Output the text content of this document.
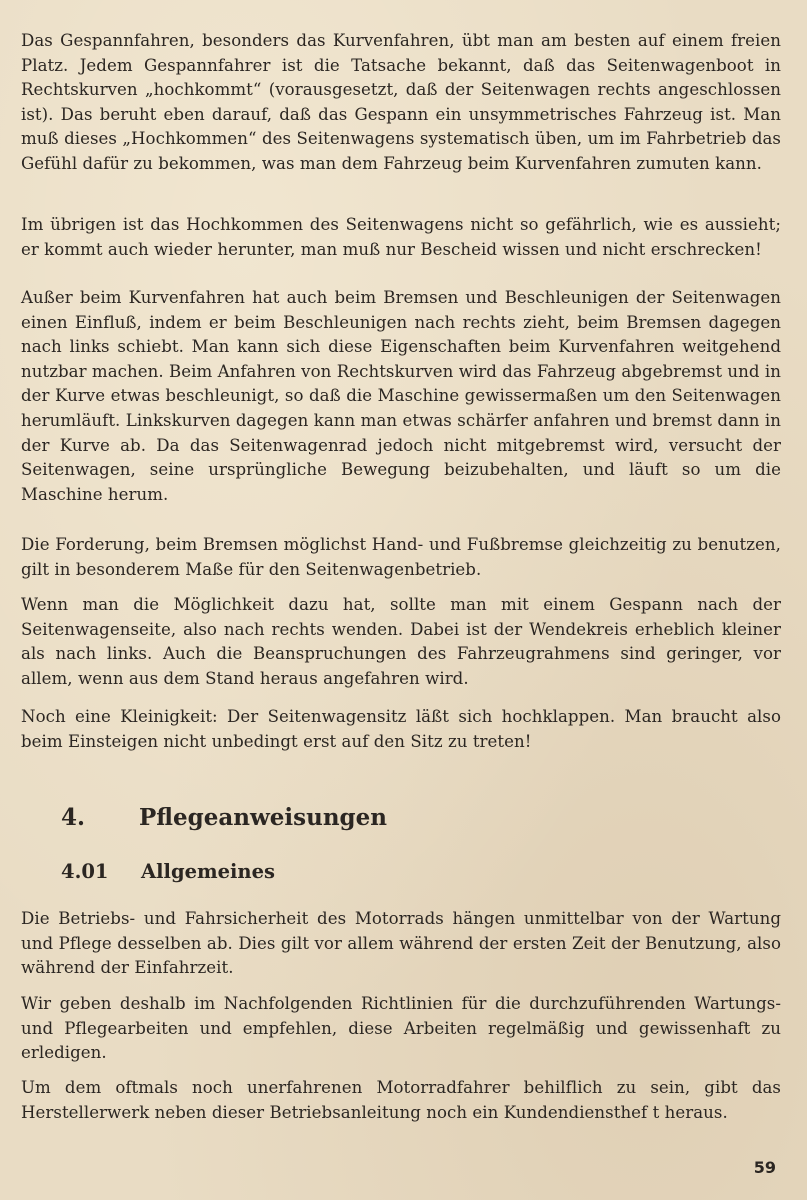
Das Gespannfahren, besonders das Kurvenfahren, übt man am besten auf einem freien Platz. Jedem Gespannfahrer ist die Tatsache bekannt, daß das Seitenwagenboot in Rechtskurven „hochkommt“ (vorausgesetzt, daß der Seitenwagen rechts angeschlossen ist). Das beruht eben darauf, daß das Gespann ein unsymmetrisches Fahrzeug ist. Man muß dieses „Hochkommen“ des Seitenwagens systematisch üben, um im Fahrbetrieb das Gefühl dafür zu bekommen, was man dem Fahrzeug beim Kurvenfahren zumuten kann.

Im übrigen ist das Hochkommen des Seitenwagens nicht so gefährlich, wie es aussieht; er kommt auch wieder herunter, man muß nur Bescheid wissen und nicht erschrecken!

Außer beim Kurvenfahren hat auch beim Bremsen und Beschleunigen der Seitenwagen einen Einfluß, indem er beim Beschleunigen nach rechts zieht, beim Bremsen dagegen nach links schiebt. Man kann sich diese Eigenschaften beim Kurvenfahren weitgehend nutzbar machen. Beim Anfahren von Rechtskurven wird das Fahrzeug abgebremst und in der Kurve etwas beschleunigt, so daß die Maschine gewissermaßen um den Seitenwagen herumläuft. Linkskurven dagegen kann man etwas schärfer anfahren und bremst dann in der Kurve ab. Da das Seitenwagenrad jedoch nicht mitgebremst wird, versucht der Seitenwagen, seine ursprüngliche Bewegung beizubehalten, und läuft so um die Maschine herum.

Die Forderung, beim Bremsen möglichst Hand- und Fußbremse gleichzeitig zu benutzen, gilt in besonderem Maße für den Seitenwagenbetrieb.

Wenn man die Möglichkeit dazu hat, sollte man mit einem Gespann nach der Seitenwagenseite, also nach rechts wenden. Dabei ist der Wendekreis erheblich kleiner als nach links. Auch die Beanspruchungen des Fahrzeugrahmens sind geringer, vor allem, wenn aus dem Stand heraus angefahren wird.

Noch eine Kleinigkeit: Der Seitenwagensitz läßt sich hochklappen. Man braucht also beim Einsteigen nicht unbedingt erst auf den Sitz zu treten!

4. Pflegeanweisungen
4.01 Allgemeines

Die Betriebs- und Fahrsicherheit des Motorrads hängen unmittelbar von der Wartung und Pflege desselben ab. Dies gilt vor allem während der ersten Zeit der Benutzung, also während der Einfahrzeit.

Wir geben deshalb im Nachfolgenden Richtlinien für die durchzuführenden Wartungs- und Pflegearbeiten und empfehlen, diese Arbeiten regelmäßig und gewissenhaft zu erledigen.

Um dem oftmals noch unerfahrenen Motorradfahrer behilflich zu sein, gibt das Herstellerwerk neben dieser Betriebsanleitung noch ein Kundendiensthef t heraus.

59
